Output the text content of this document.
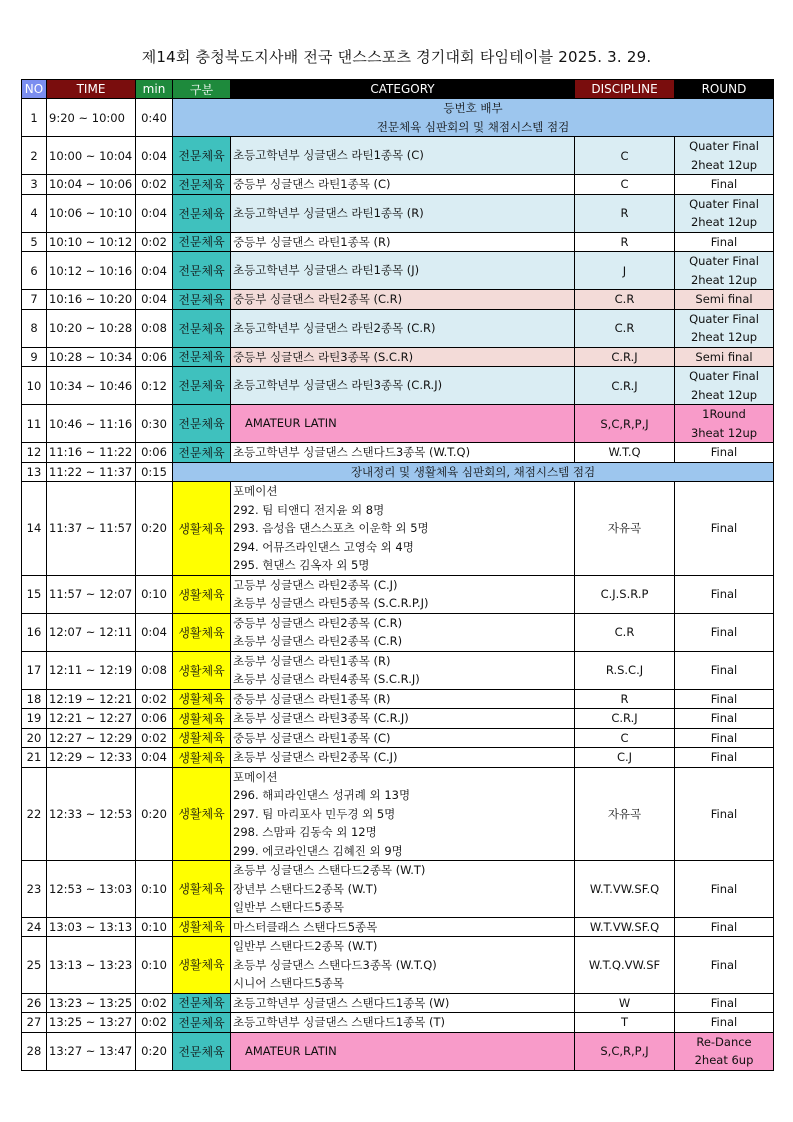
제14회 충청북도지사배 전국 댄스스포츠 경기대회 타임테이블 2025. 3. 29.
NO	TIME	min	구분	CATEGORY	DISCIPLINE	ROUND
1	9:20 ~ 10:00	0:40	등번호 배부
전문체육 심판회의 및 채점시스템 점검			

2	10:00 ~ 10:04	0:04	전문체육	초등고학년부 싱글댄스 라틴1종목 (C)	C	Quater Final
2heat 12up

3	10:04 ~ 10:06	0:02	전문체육	중등부 싱글댄스 라틴1종목 (C)	C	Final

4	10:06 ~ 10:10	0:04	전문체육	초등고학년부 싱글댄스 라틴1종목 (R)	R	Quater Final
2heat 12up

5	10:10 ~ 10:12	0:02	전문체육	중등부 싱글댄스 라틴1종목 (R)	R	Final

6	10:12 ~ 10:16	0:04	전문체육	초등고학년부 싱글댄스 라틴1종목 (J)	J	Quater Final
2heat 12up

7	10:16 ~ 10:20	0:04	전문체육	중등부 싱글댄스 라틴2종목 (C.R)	C.R	Semi final

8	10:20 ~ 10:28	0:08	전문체육	초등고학년부 싱글댄스 라틴2종목 (C.R)	C.R	Quater Final
2heat 12up

9	10:28 ~ 10:34	0:06	전문체육	중등부 싱글댄스 라틴3종목 (S.C.R)	C.R.J	Semi final

10	10:34 ~ 10:46	0:12	전문체육	초등고학년부 싱글댄스 라틴3종목 (C.R.J)	C.R.J	Quater Final
2heat 12up

11	10:46 ~ 11:16	0:30	전문체육	AMATEUR LATIN	S,C,R,P,J	1Round
3heat 12up

12	11:16 ~ 11:22	0:06	전문체육	초등고학년부 싱글댄스 스탠다드3종목 (W.T.Q)	W.T.Q	Final

13	11:22 ~ 11:37	0:15	장내정리 및 생활체육 심판회의, 채점시스템 점검			

14	11:37 ~ 11:57	0:20	생활체육	포메이션
292. 팀 티앤디 전지윤 외 8명
293. 음성읍 댄스스포츠 이운학 외 5명
294. 어뮤즈라인댄스 고영숙 외 4명
295. 현댄스 김옥자 외 5명	자유곡	Final

15	11:57 ~ 12:07	0:10	생활체육	고등부 싱글댄스 라틴2종목 (C.J)
초등부 싱글댄스 라틴5종목 (S.C.R.P.J)	C.J.S.R.P	Final

16	12:07 ~ 12:11	0:04	생활체육	중등부 싱글댄스 라틴2종목 (C.R)
초등부 싱글댄스 라틴2종목 (C.R)	C.R	Final

17	12:11 ~ 12:19	0:08	생활체육	초등부 싱글댄스 라틴1종목 (R)
초등부 싱글댄스 라틴4종목 (S.C.R.J)	R.S.C.J	Final

18	12:19 ~ 12:21	0:02	생활체육	중등부 싱글댄스 라틴1종목 (R)	R	Final

19	12:21 ~ 12:27	0:06	생활체육	초등부 싱글댄스 라틴3종목 (C.R.J)	C.R.J	Final

20	12:27 ~ 12:29	0:02	생활체육	중등부 싱글댄스 라틴1종목 (C)	C	Final

21	12:29 ~ 12:33	0:04	생활체육	초등부 싱글댄스 라틴2종목 (C.J)	C.J	Final

22	12:33 ~ 12:53	0:20	생활체육	포메이션
296. 해피라인댄스 성귀례 외 13명
297. 팀 마리포사 민두경 외 5명
298. 스맘파 김동숙 외 12명
299. 에코라인댄스 김혜진 외 9명	자유곡	Final

23	12:53 ~ 13:03	0:10	생활체육	초등부 싱글댄스 스탠다드2종목 (W.T)
장년부 스탠다드2종목 (W.T)
일반부 스탠다드5종목	W.T.VW.SF.Q	Final

24	13:03 ~ 13:13	0:10	생활체육	마스터클래스 스탠다드5종목	W.T.VW.SF.Q	Final

25	13:13 ~ 13:23	0:10	생활체육	일반부 스탠다드2종목 (W.T)
초등부 싱글댄스 스탠다드3종목 (W.T.Q)
시니어 스탠다드5종목	W.T.Q.VW.SF	Final

26	13:23 ~ 13:25	0:02	전문체육	초등고학년부 싱글댄스 스탠다드1종목 (W)	W	Final

27	13:25 ~ 13:27	0:02	전문체육	초등고학년부 싱글댄스 스탠다드1종목 (T)	T	Final

28	13:27 ~ 13:47	0:20	전문체육	AMATEUR LATIN	S,C,R,P,J	Re-Dance
2heat 6up
